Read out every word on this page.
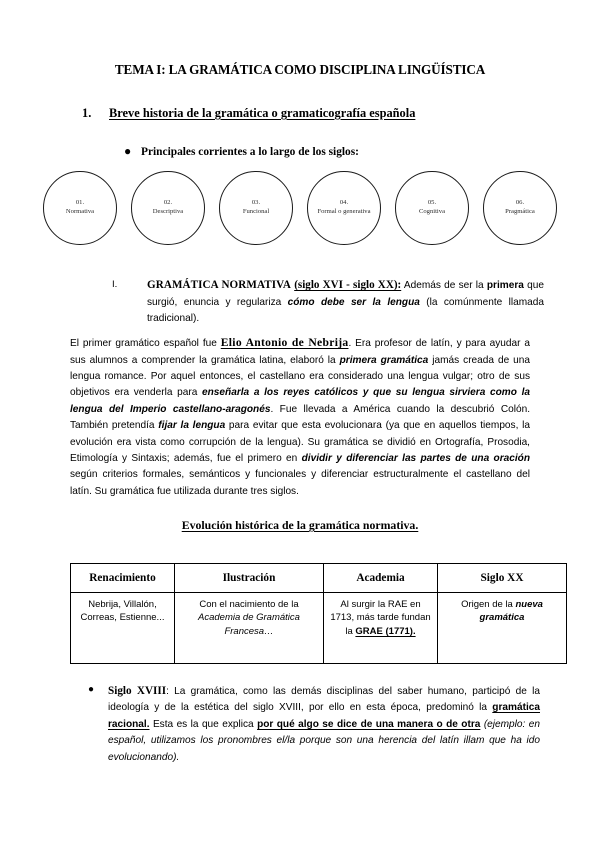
TEMA I: LA GRAMÁTICA COMO DISCIPLINA LINGÜÍSTICA
1.	Breve historia de la gramática o gramaticografía española
● Principales corrientes a lo largo de los siglos:
01.
Normativa
02.
Descriptiva
03.
Funcional
04.
Formal o generativa
05.
Cognitiva
06.
Pragmática
I.	GRAMÁTICA NORMATIVA (siglo XVI - siglo XX): Además de ser la primera que surgió, enuncia y regulariza cómo debe ser la lengua (la comúnmente llamada tradicional).
El primer gramático español fue Elio Antonio de Nebrija. Era profesor de latín, y para ayudar a sus alumnos a comprender la gramática latina, elaboró la primera gramática jamás creada de una lengua romance. Por aquel entonces, el castellano era considerado una lengua vulgar; otro de sus objetivos era venderla para enseñarla a los reyes católicos y que su lengua sirviera como la lengua del Imperio castellano-aragonés. Fue llevada a América cuando la descubrió Colón. También pretendía fijar la lengua para evitar que esta evolucionara (ya que en aquellos tiempos, la evolución era vista como corrupción de la lengua). Su gramática se dividió en Ortografía, Prosodia, Etimología y Sintaxis; además, fue el primero en dividir y diferenciar las partes de una oración según criterios formales, semánticos y funcionales y diferenciar estructuralmente el castellano del latín. Su gramática fue utilizada durante tres siglos.
Evolución histórica de la gramática normativa.
Renacimiento	Ilustración	Academia	Siglo XX
Nebrija, Villalón, Correas, Estienne...	Con el nacimiento de la Academia de Gramática Francesa…	Al surgir la RAE en 1713, más tarde fundan la GRAE (1771).	Origen de la nueva gramática
●	Siglo XVIII: La gramática, como las demás disciplinas del saber humano, participó de la ideología y de la estética del siglo XVIII, por ello en esta época, predominó la gramática racional. Esta es la que explica por qué algo se dice de una manera o de otra (ejemplo: en español, utilizamos los pronombres el/la porque son una herencia del latín illam que ha ido evolucionando).
